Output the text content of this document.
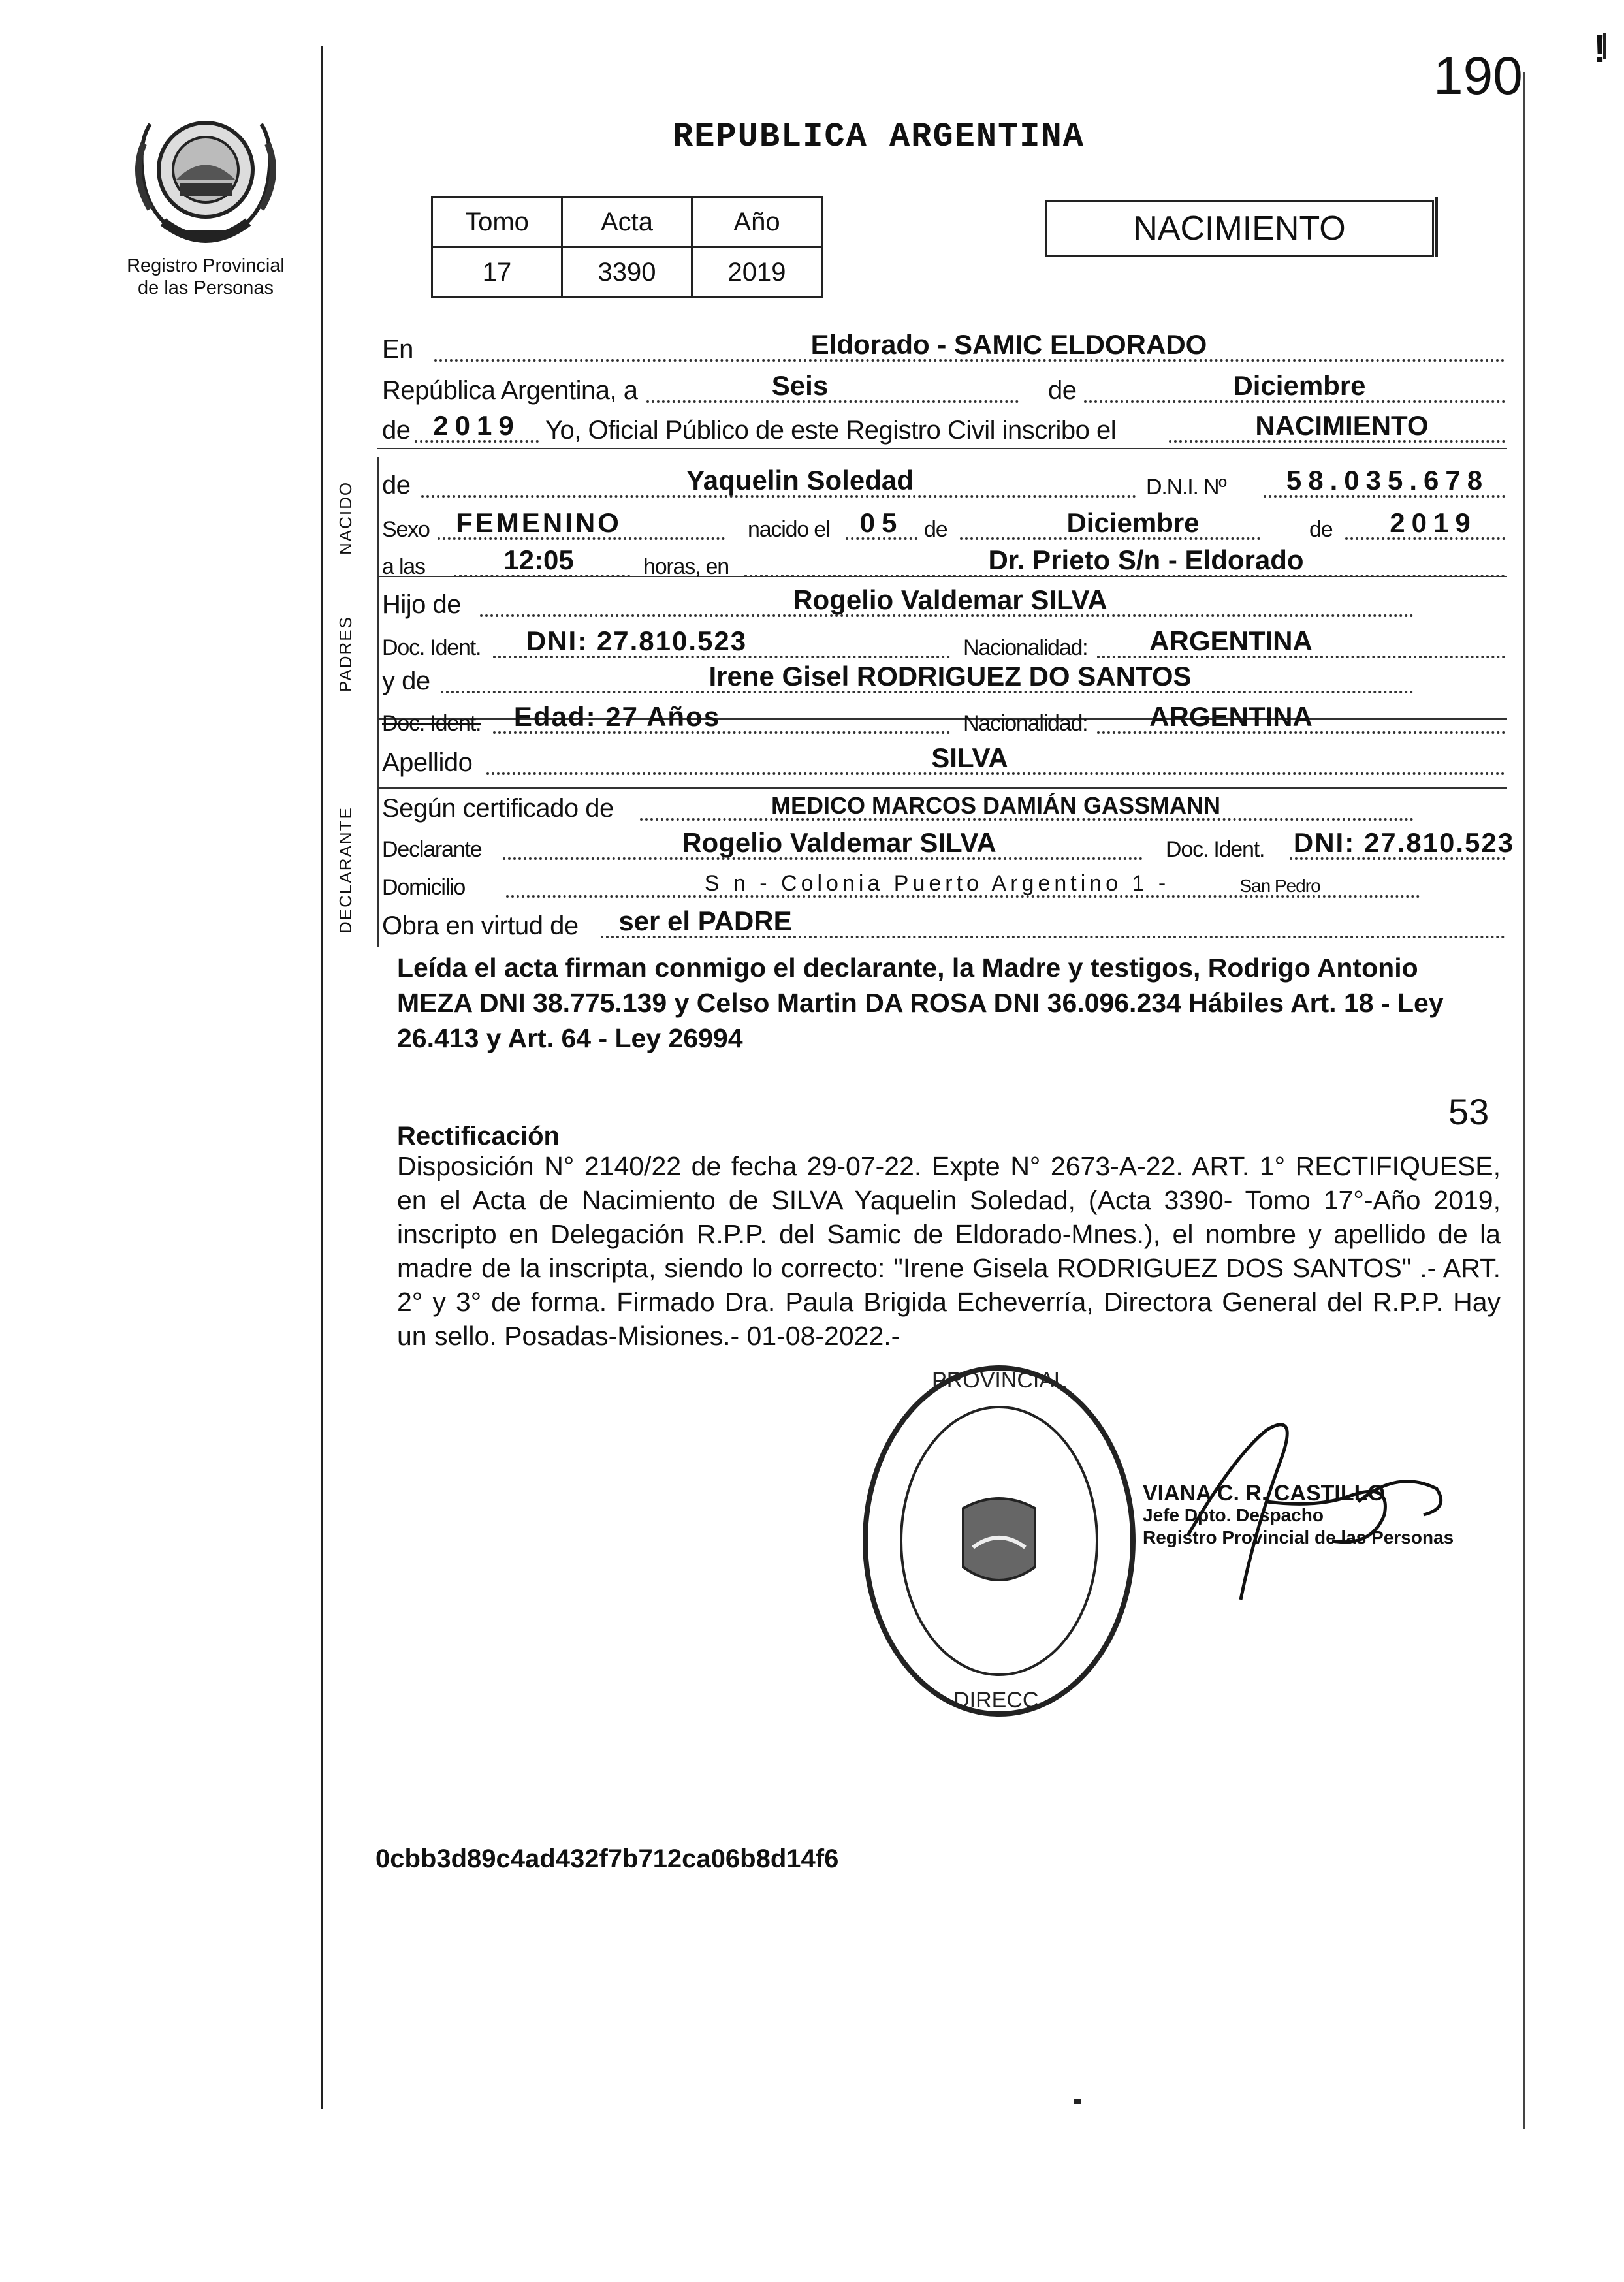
190 !
Registro Provincial
de las Personas
REPUBLICA ARGENTINA
Tomo	Acta	Año
17	3390	2019
NACIMIENTO
NACIDO
PADRES
DECLARANTE
En	Eldorado - SAMIC ELDORADO
República Argentina, a	Seis	de	Diciembre
de 2019 Yo, Oficial Público de este Registro Civil inscribo el	NACIMIENTO
de	Yaquelin Soledad	D.N.I. Nº	58.035.678
Sexo FEMENINO	nacido el	05 de	Diciembre	de	2019
a las	12:05	horas, en	Dr. Prieto S/n - Eldorado
Hijo de	Rogelio Valdemar SILVA
Doc. Ident.	DNI: 27.810.523	Nacionalidad:	ARGENTINA
y de	Irene Gisel RODRIGUEZ DO SANTOS
Doc. Ident.	Edad: 27 Años	Nacionalidad:	ARGENTINA
Apellido	SILVA
Según certificado de	MEDICO MARCOS DAMIÁN GASSMANN
Declarante	Rogelio Valdemar SILVA	Doc. Ident. DNI: 27.810.523
Domicilio	S n - Colonia Puerto Argentino 1 -	San Pedro
Obra en virtud de	ser el PADRE
Leída el acta firman conmigo el declarante, la Madre y testigos, Rodrigo Antonio MEZA DNI 38.775.139 y Celso Martin DA ROSA DNI 36.096.234 Hábiles Art. 18 - Ley 26.413 y Art. 64 - Ley 26994
53
Rectificación
Disposición N° 2140/22 de fecha 29-07-22. Expte N° 2673-A-22. ART. 1° RECTIFIQUESE, en el Acta de Nacimiento de SILVA Yaquelin Soledad, (Acta 3390- Tomo 17°-Año 2019, inscripto en Delegación R.P.P. del Samic de Eldorado-Mnes.), el nombre y apellido de la madre de la inscripta, siendo lo correcto: "Irene Gisela RODRIGUEZ DOS SANTOS" .- ART. 2° y 3° de forma. Firmado Dra. Paula Brigida Echeverría, Directora General del R.P.P. Hay un sello. Posadas-Misiones.- 01-08-2022.-
PROVINCIAL
DIRECC.
VIANA C. R. CASTILLO
Jefe Dpto. Despacho
Registro Provincial de las Personas
0cbb3d89c4ad432f7b712ca06b8d14f6
